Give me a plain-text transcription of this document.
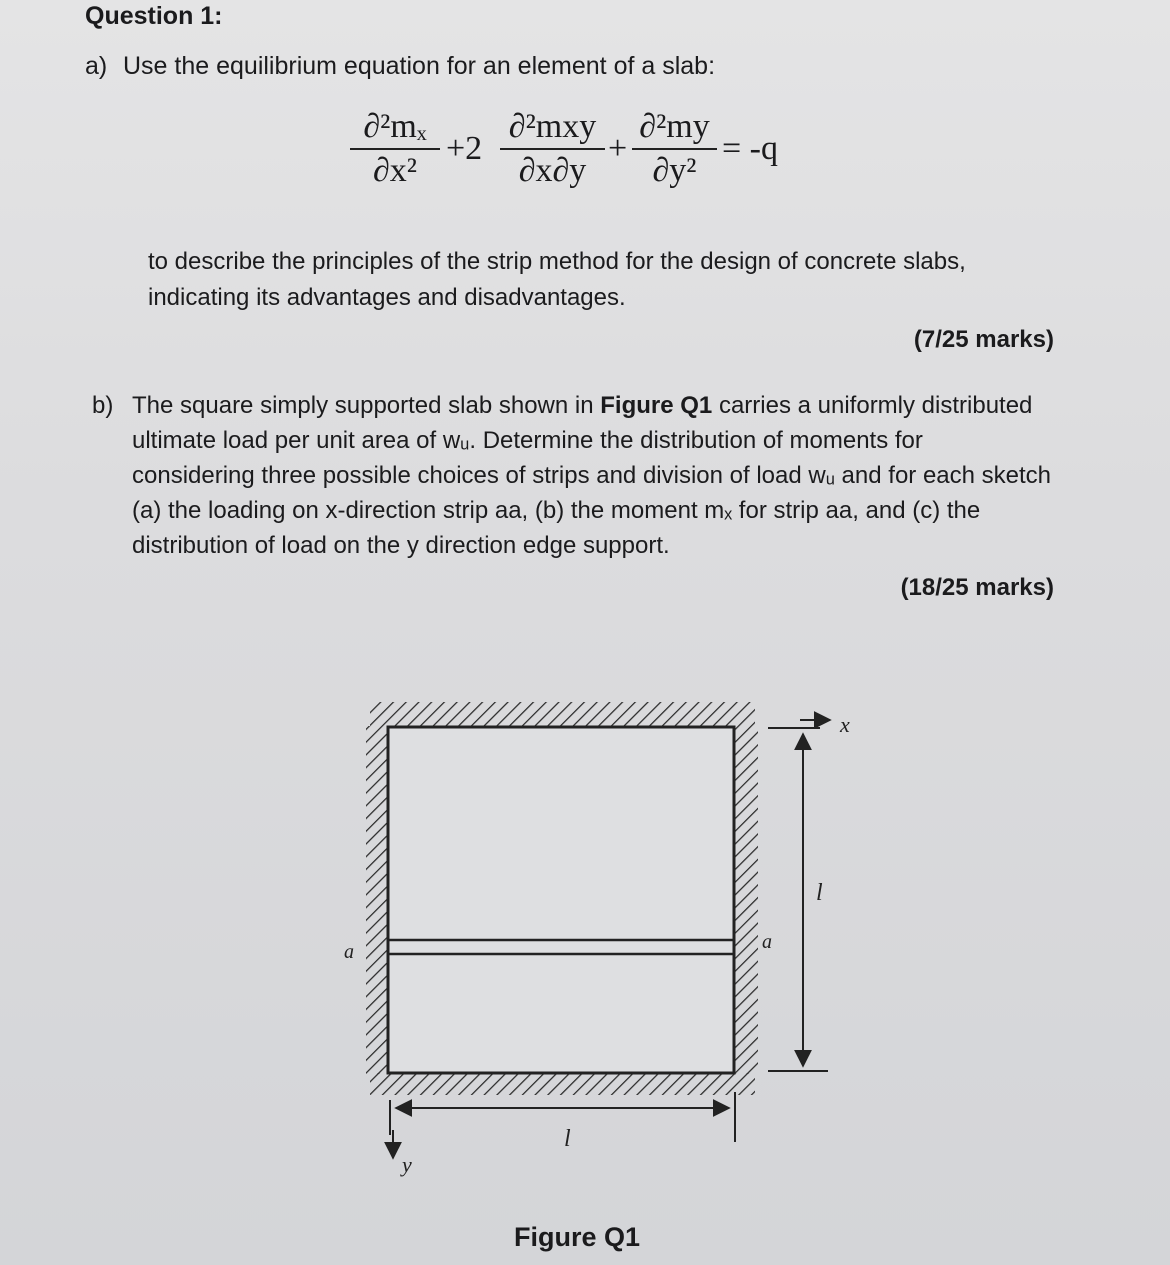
Question 1:
a) Use the equilibrium equation for an element of a slab:
∂²mₓ
∂x²
+2
∂²mxy
∂x∂y
+
∂²my
∂y²
= -q
to describe the principles of the strip method for the design of concrete slabs,
indicating its advantages and disadvantages.
(7/25 marks)
b) The square simply supported slab shown in Figure Q1 carries a uniformly distributed ultimate load per unit area of wᵤ. Determine the distribution of moments for considering three possible choices of strips and division of load wᵤ and for each sketch (a) the loading on x-direction strip aa, (b) the moment mₓ for strip aa, and (c) the distribution of load on the y direction edge support.
(18/25 marks)
a	a
l
x
l
y
Figure Q1
